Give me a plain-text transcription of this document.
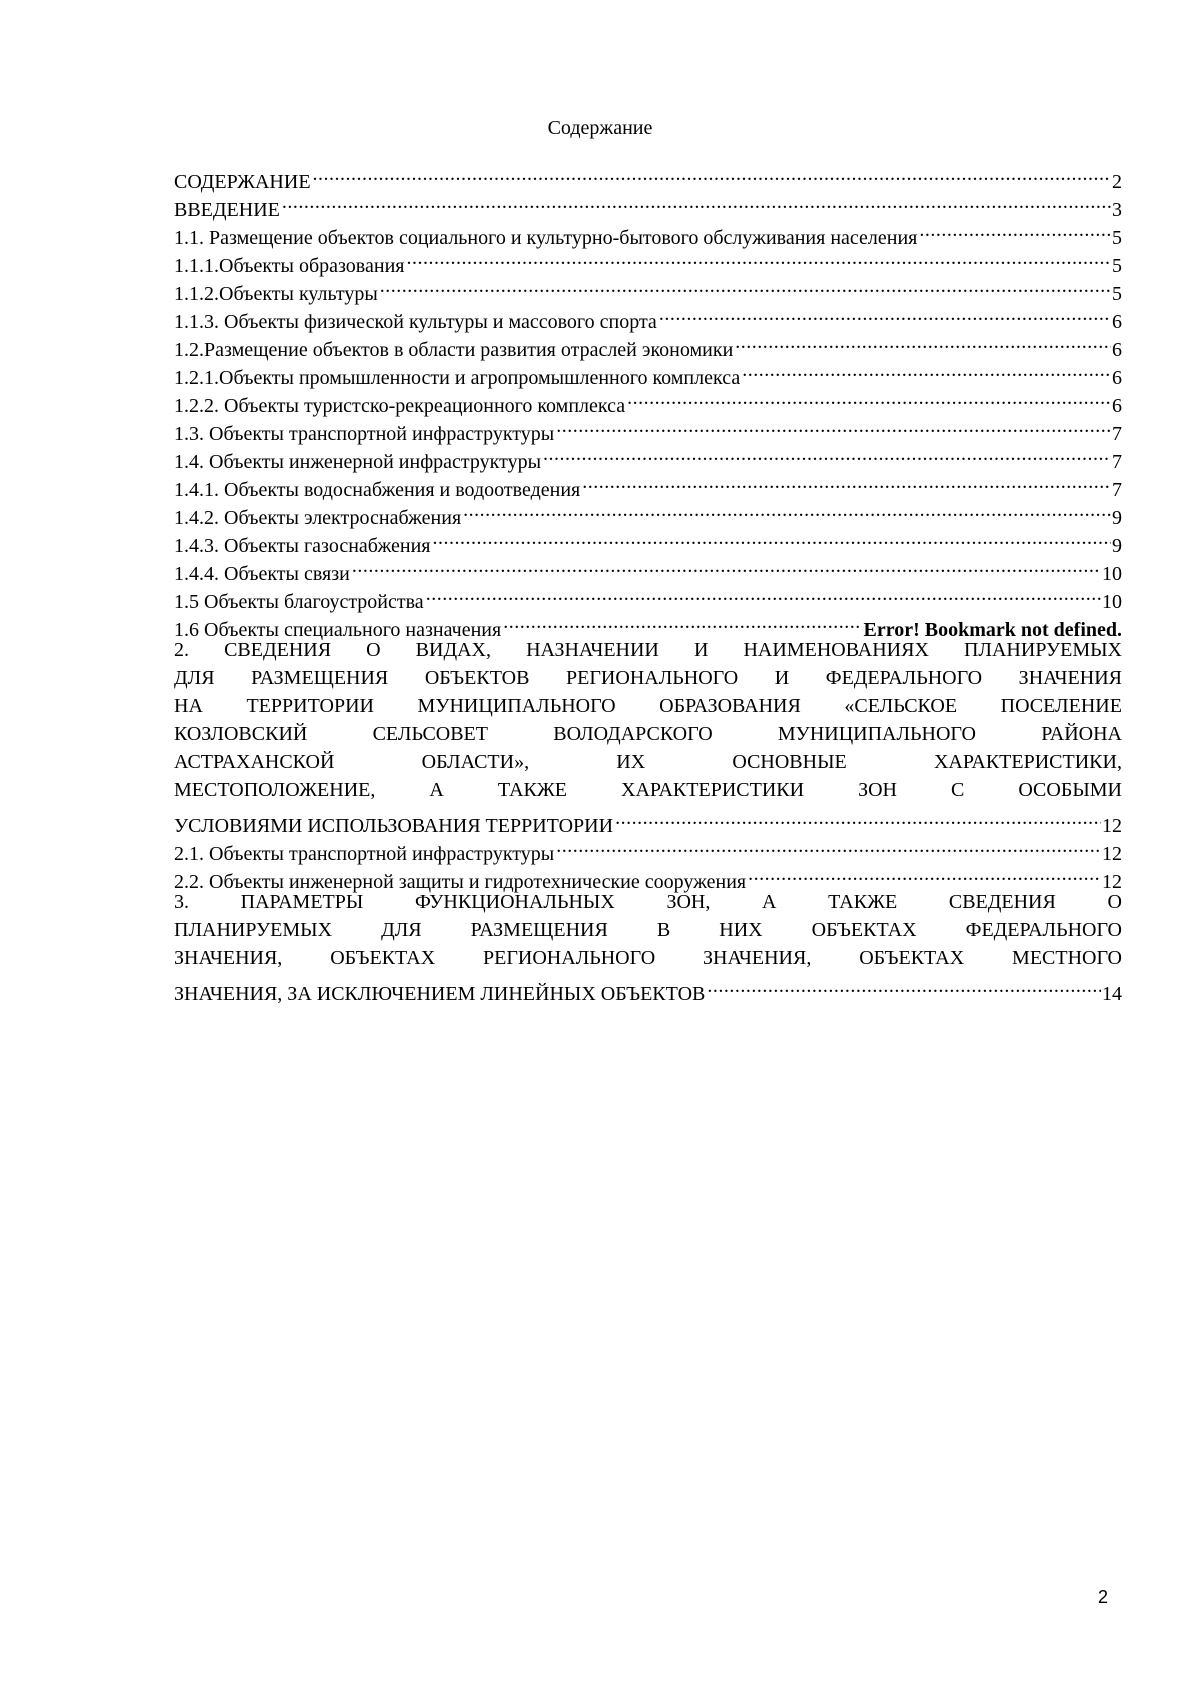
Содержание
СОДЕРЖАНИЕ .....	2
ВВЕДЕНИЕ .....	3
1.1. Размещение объектов социального и культурно-бытового обслуживания населения .....	5
1.1.1.Объекты образования .....	5
1.1.2.Объекты культуры .....	5
1.1.3. Объекты физической культуры и массового спорта .....	6
1.2.Размещение объектов в области развития отраслей экономики .....	6
1.2.1.Объекты промышленности и агропромышленного комплекса .....	6
1.2.2. Объекты туристско-рекреационного комплекса .....	6
1.3. Объекты транспортной инфраструктуры .....	7
1.4. Объекты инженерной инфраструктуры .....	7
1.4.1. Объекты водоснабжения и водоотведения .....	7
1.4.2. Объекты электроснабжения .....	9
1.4.3. Объекты газоснабжения .....	9
1.4.4. Объекты связи .....	10
1.5 Объекты благоустройства .....	10
1.6 Объекты специального назначения .....	Error! Bookmark not defined.
2. СВЕДЕНИЯ О ВИДАХ, НАЗНАЧЕНИИ И НАИМЕНОВАНИЯХ ПЛАНИРУЕМЫХ
ДЛЯ РАЗМЕЩЕНИЯ ОБЪЕКТОВ РЕГИОНАЛЬНОГО И ФЕДЕРАЛЬНОГО ЗНАЧЕНИЯ
НА ТЕРРИТОРИИ МУНИЦИПАЛЬНОГО ОБРАЗОВАНИЯ «СЕЛЬСКОЕ ПОСЕЛЕНИЕ
КОЗЛОВСКИЙ	СЕЛЬСОВЕТ	ВОЛОДАРСКОГО	МУНИЦИПАЛЬНОГО	РАЙОНА
АСТРАХАНСКОЙ	ОБЛАСТИ»,	ИХ	ОСНОВНЫЕ	ХАРАКТЕРИСТИКИ,
МЕСТОПОЛОЖЕНИЕ,	А	ТАКЖЕ	ХАРАКТЕРИСТИКИ	ЗОН	С	ОСОБЫМИ
УСЛОВИЯМИ ИСПОЛЬЗОВАНИЯ ТЕРРИТОРИИ .....	12
2.1. Объекты транспортной инфраструктуры .....	12
2.2. Объекты инженерной защиты и гидротехнические сооружения .....	12
3.	ПАРАМЕТРЫ	ФУНКЦИОНАЛЬНЫХ	ЗОН,	А	ТАКЖЕ	СВЕДЕНИЯ	О
ПЛАНИРУЕМЫХ ДЛЯ РАЗМЕЩЕНИЯ В НИХ ОБЪЕКТАХ ФЕДЕРАЛЬНОГО
ЗНАЧЕНИЯ, ОБЪЕКТАХ РЕГИОНАЛЬНОГО ЗНАЧЕНИЯ, ОБЪЕКТАХ МЕСТНОГО
ЗНАЧЕНИЯ, ЗА ИСКЛЮЧЕНИЕМ ЛИНЕЙНЫХ ОБЪЕКТОВ .....	14
2
